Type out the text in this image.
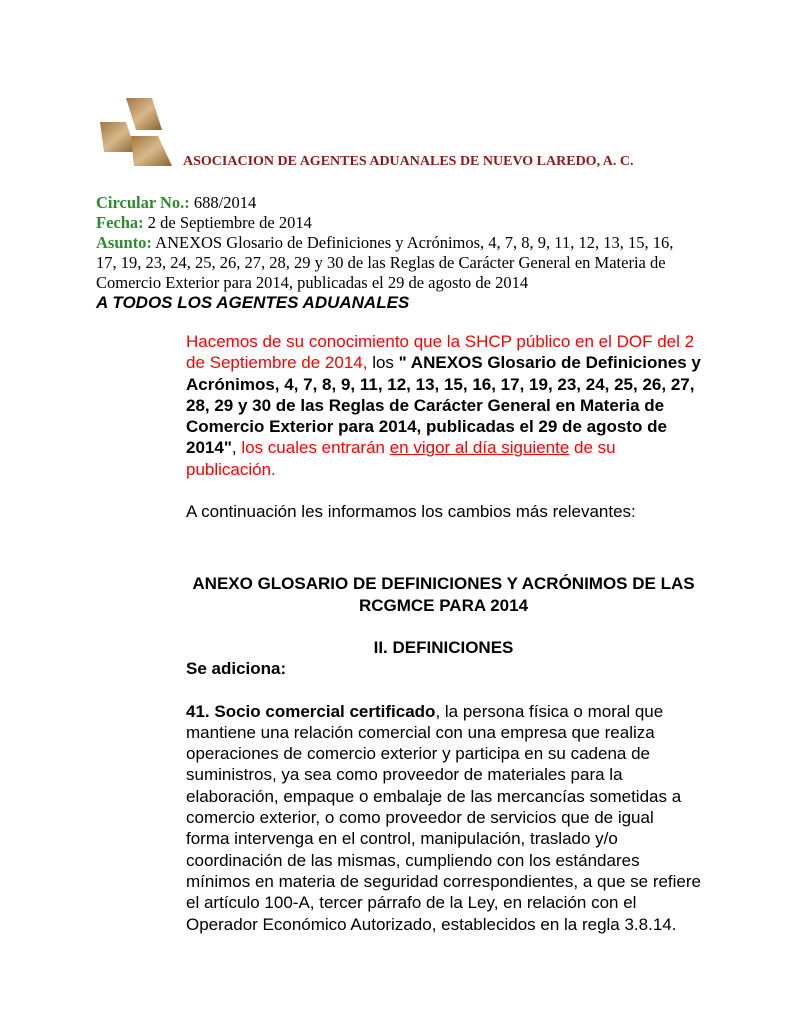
ASOCIACION DE AGENTES ADUANALES DE NUEVO LAREDO, A. C.
Circular No.: 688/2014
Fecha: 2 de Septiembre de 2014
Asunto: ANEXOS Glosario de Definiciones y Acrónimos, 4, 7, 8, 9, 11, 12, 13, 15, 16, 17, 19, 23, 24, 25, 26, 27, 28, 29 y 30 de las Reglas de Carácter General en Materia de Comercio Exterior para 2014, publicadas el 29 de agosto de 2014
A TODOS LOS AGENTES ADUANALES

Hacemos de su conocimiento que la SHCP público en el DOF del 2 de Septiembre de 2014, los " ANEXOS Glosario de Definiciones y Acrónimos, 4, 7, 8, 9, 11, 12, 13, 15, 16, 17, 19, 23, 24, 25, 26, 27, 28, 29 y 30 de las Reglas de Carácter General en Materia de Comercio Exterior para 2014, publicadas el 29 de agosto de 2014", los cuales entrarán en vigor al día siguiente de su publicación.

A continuación les informamos los cambios más relevantes:

ANEXO GLOSARIO DE DEFINICIONES Y ACRÓNIMOS DE LAS RCGMCE PARA 2014

II. DEFINICIONES

Se adiciona:

41. Socio comercial certificado, la persona física o moral que mantiene una relación comercial con una empresa que realiza operaciones de comercio exterior y participa en su cadena de suministros, ya sea como proveedor de materiales para la elaboración, empaque o embalaje de las mercancías sometidas a comercio exterior, o como proveedor de servicios que de igual forma intervenga en el control, manipulación, traslado y/o coordinación de las mismas, cumpliendo con los estándares mínimos en materia de seguridad correspondientes, a que se refiere el artículo 100-A, tercer párrafo de la Ley, en relación con el Operador Económico Autorizado, establecidos en la regla 3.8.14.
